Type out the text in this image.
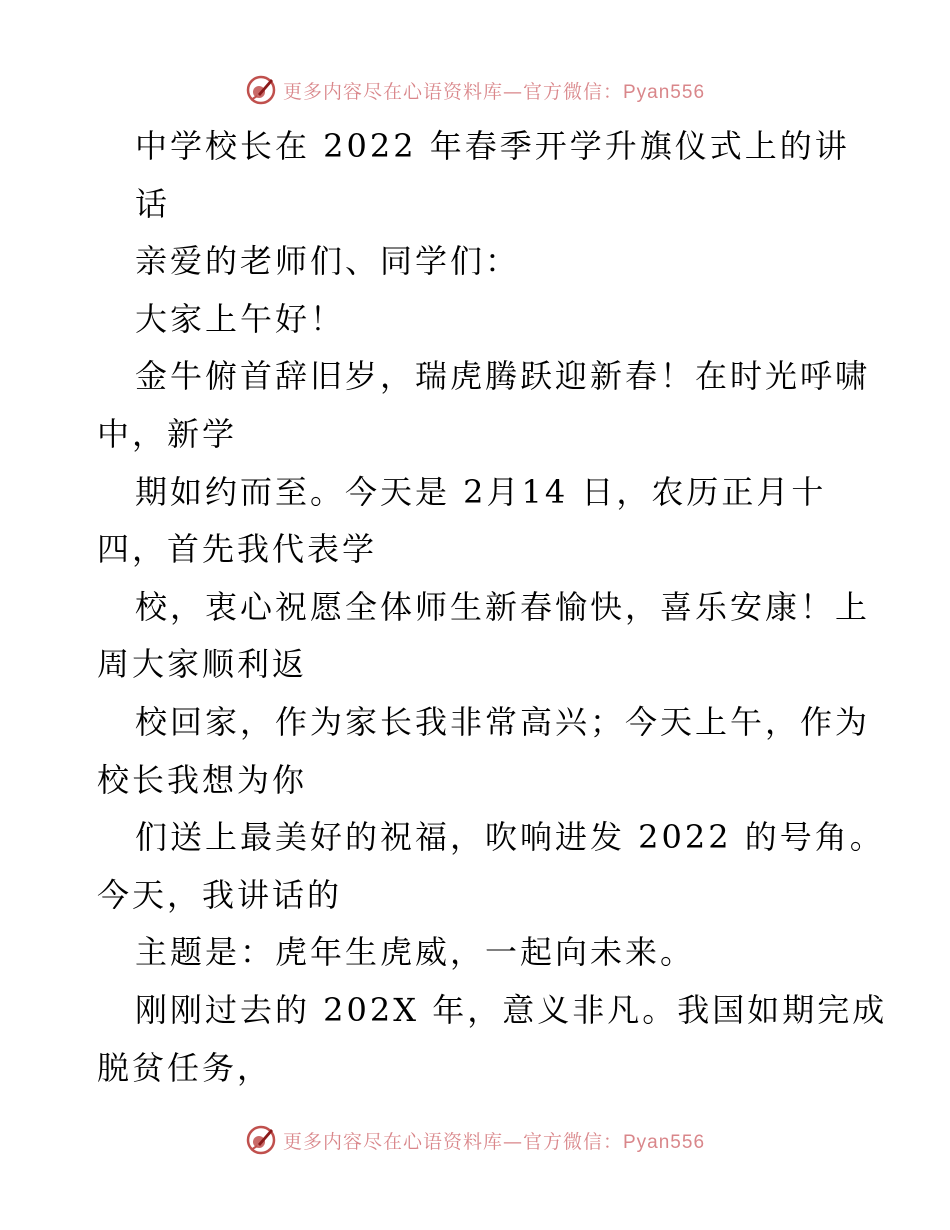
更多内容尽在心语资料库—官方微信：Pyan556
中学校长在 2022 年春季开学升旗仪式上的讲
话
亲爱的老师们、同学们：
大家上午好！
金牛俯首辞旧岁，瑞虎腾跃迎新春！在时光呼啸
中，新学
期如约而至。今天是 2月14 日，农历正月十
四，首先我代表学
校，衷心祝愿全体师生新春愉快，喜乐安康！上
周大家顺利返
校回家，作为家长我非常高兴；今天上午，作为
校长我想为你
们送上最美好的祝福，吹响进发 2022 的号角。
今天，我讲话的
主题是：虎年生虎威，一起向未来。
刚刚过去的 202X 年，意义非凡。我国如期完成
脱贫任务，
更多内容尽在心语资料库—官方微信：Pyan556
